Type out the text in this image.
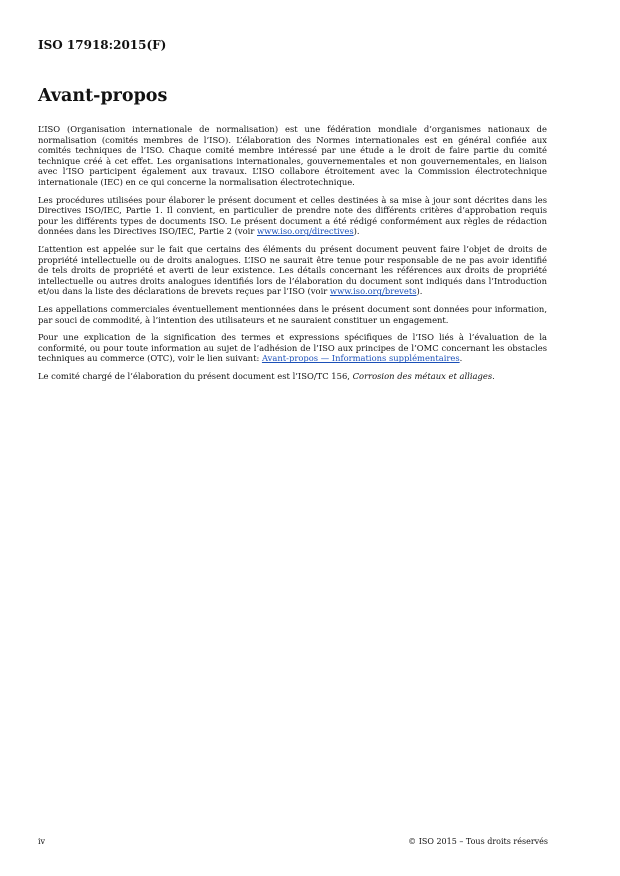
ISO 17918:2015(F)

Avant-propos

L’ISO (Organisation internationale de normalisation) est une fédération mondiale d’organismes nationaux de normalisation (comités membres de l’ISO). L’élaboration des Normes internationales est en général confiée aux comités techniques de l’ISO. Chaque comité membre intéressé par une étude a le droit de faire partie du comité technique créé à cet effet. Les organisations internationales, gouvernementales et non gouvernementales, en liaison avec l’ISO participent également aux travaux. L’ISO collabore étroitement avec la Commission électrotechnique internationale (IEC) en ce qui concerne la normalisation électrotechnique.

Les procédures utilisées pour élaborer le présent document et celles destinées à sa mise à jour sont décrites dans les Directives ISO/IEC, Partie 1. Il convient, en particulier de prendre note des différents critères d’approbation requis pour les différents types de documents ISO. Le présent document a été rédigé conformément aux règles de rédaction données dans les Directives ISO/IEC, Partie 2 (voir www.iso.org/directives).

L’attention est appelée sur le fait que certains des éléments du présent document peuvent faire l’objet de droits de propriété intellectuelle ou de droits analogues. L’ISO ne saurait être tenue pour responsable de ne pas avoir identifié de tels droits de propriété et averti de leur existence. Les détails concernant les références aux droits de propriété intellectuelle ou autres droits analogues identifiés lors de l’élaboration du document sont indiqués dans l’Introduction et/ou dans la liste des déclarations de brevets reçues par l’ISO (voir www.iso.org/brevets).

Les appellations commerciales éventuellement mentionnées dans le présent document sont données pour information, par souci de commodité, à l’intention des utilisateurs et ne sauraient constituer un engagement.

Pour une explication de la signification des termes et expressions spécifiques de l’ISO liés à l’évaluation de la conformité, ou pour toute information au sujet de l’adhésion de l’ISO aux principes de l’OMC concernant les obstacles techniques au commerce (OTC), voir le lien suivant: Avant-propos — Informations supplémentaires.

Le comité chargé de l’élaboration du présent document est l’ISO/TC 156, Corrosion des métaux et alliages.

iv	© ISO 2015 – Tous droits réservés
